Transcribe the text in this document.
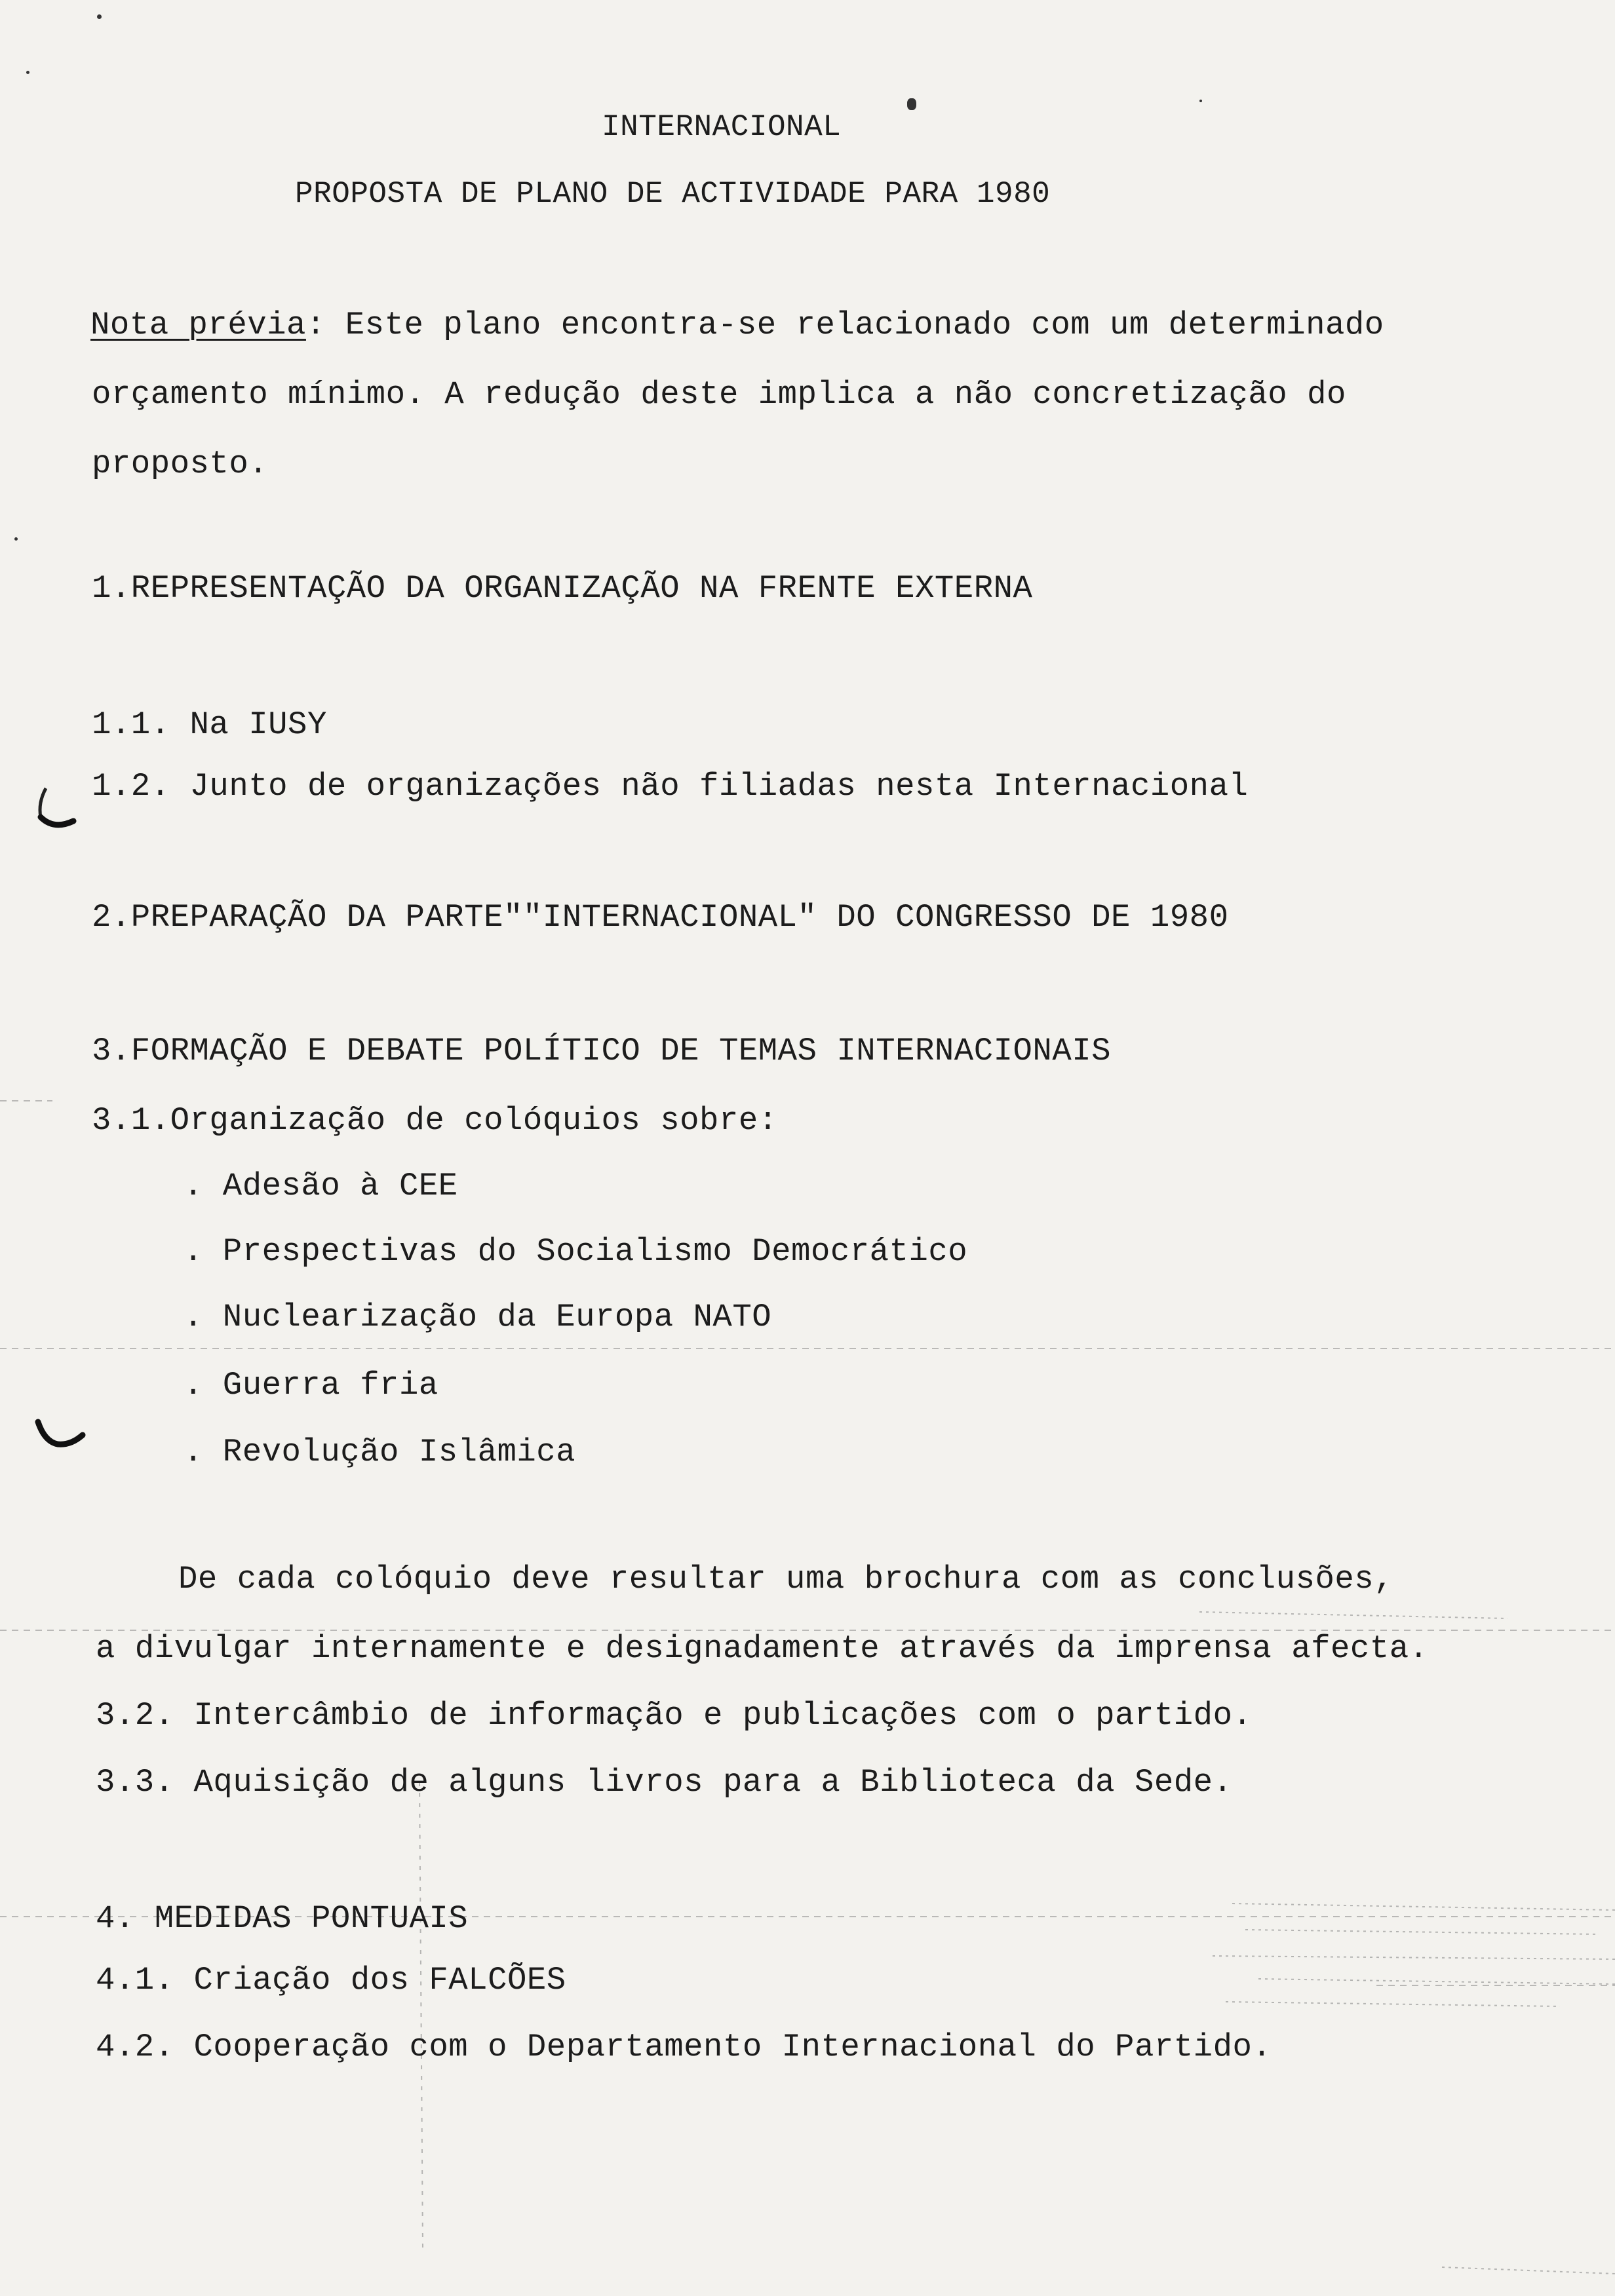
INTERNACIONAL
PROPOSTA DE PLANO DE ACTIVIDADE PARA 1980
Nota prévia: Este plano encontra-se relacionado com um determinado
orçamento mínimo. A redução deste implica a não concretização do
proposto.
1.REPRESENTAÇÃO DA ORGANIZAÇÃO NA FRENTE EXTERNA
1.1. Na IUSY
1.2. Junto de organizações não filiadas nesta Internacional
2.PREPARAÇÃO DA PARTE""INTERNACIONAL" DO CONGRESSO DE 1980
3.FORMAÇÃO E DEBATE POLÍTICO DE TEMAS INTERNACIONAIS
3.1.Organização de colóquios sobre:
. Adesão à CEE
. Prespectivas do Socialismo Democrático
. Nuclearização da Europa NATO
. Guerra fria
. Revolução Islâmica
De cada colóquio deve resultar uma brochura com as conclusões,
a divulgar internamente e designadamente através da imprensa afecta.
3.2. Intercâmbio de informação e publicações com o partido.
3.3. Aquisição de alguns livros para a Biblioteca da Sede.
4. MEDIDAS PONTUAIS
4.1. Criação dos FALCÕES
4.2. Cooperação com o Departamento Internacional do Partido.
